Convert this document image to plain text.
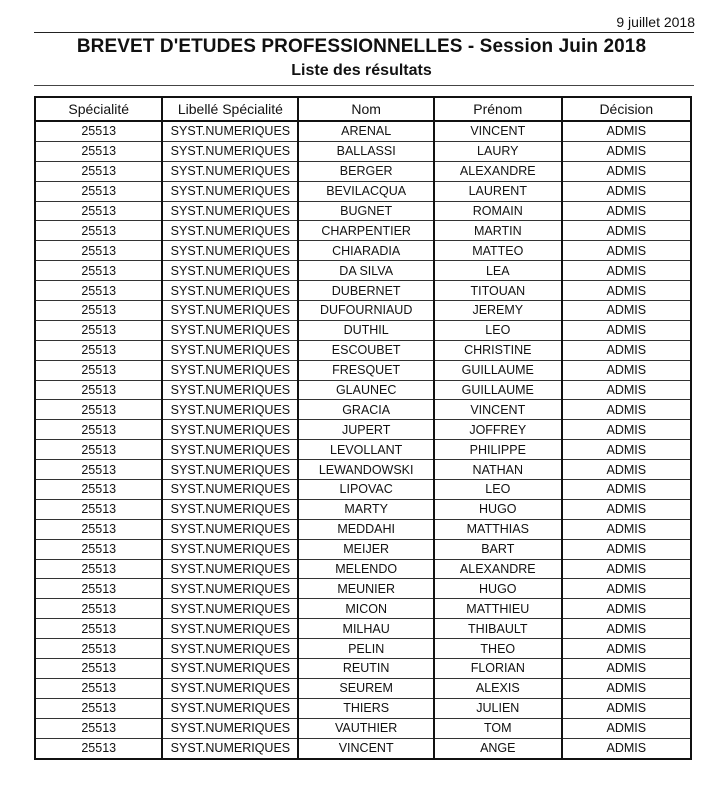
9 juillet 2018
BREVET D'ETUDES PROFESSIONNELLES - Session Juin 2018
Liste des résultats
Spécialité	Libellé Spécialité	Nom	Prénom	Décision
25513	SYST.NUMERIQUES	ARENAL	VINCENT	ADMIS
25513	SYST.NUMERIQUES	BALLASSI	LAURY	ADMIS
25513	SYST.NUMERIQUES	BERGER	ALEXANDRE	ADMIS
25513	SYST.NUMERIQUES	BEVILACQUA	LAURENT	ADMIS
25513	SYST.NUMERIQUES	BUGNET	ROMAIN	ADMIS
25513	SYST.NUMERIQUES	CHARPENTIER	MARTIN	ADMIS
25513	SYST.NUMERIQUES	CHIARADIA	MATTEO	ADMIS
25513	SYST.NUMERIQUES	DA SILVA	LEA	ADMIS
25513	SYST.NUMERIQUES	DUBERNET	TITOUAN	ADMIS
25513	SYST.NUMERIQUES	DUFOURNIAUD	JEREMY	ADMIS
25513	SYST.NUMERIQUES	DUTHIL	LEO	ADMIS
25513	SYST.NUMERIQUES	ESCOUBET	CHRISTINE	ADMIS
25513	SYST.NUMERIQUES	FRESQUET	GUILLAUME	ADMIS
25513	SYST.NUMERIQUES	GLAUNEC	GUILLAUME	ADMIS
25513	SYST.NUMERIQUES	GRACIA	VINCENT	ADMIS
25513	SYST.NUMERIQUES	JUPERT	JOFFREY	ADMIS
25513	SYST.NUMERIQUES	LEVOLLANT	PHILIPPE	ADMIS
25513	SYST.NUMERIQUES	LEWANDOWSKI	NATHAN	ADMIS
25513	SYST.NUMERIQUES	LIPOVAC	LEO	ADMIS
25513	SYST.NUMERIQUES	MARTY	HUGO	ADMIS
25513	SYST.NUMERIQUES	MEDDAHI	MATTHIAS	ADMIS
25513	SYST.NUMERIQUES	MEIJER	BART	ADMIS
25513	SYST.NUMERIQUES	MELENDO	ALEXANDRE	ADMIS
25513	SYST.NUMERIQUES	MEUNIER	HUGO	ADMIS
25513	SYST.NUMERIQUES	MICON	MATTHIEU	ADMIS
25513	SYST.NUMERIQUES	MILHAU	THIBAULT	ADMIS
25513	SYST.NUMERIQUES	PELIN	THEO	ADMIS
25513	SYST.NUMERIQUES	REUTIN	FLORIAN	ADMIS
25513	SYST.NUMERIQUES	SEUREM	ALEXIS	ADMIS
25513	SYST.NUMERIQUES	THIERS	JULIEN	ADMIS
25513	SYST.NUMERIQUES	VAUTHIER	TOM	ADMIS
25513	SYST.NUMERIQUES	VINCENT	ANGE	ADMIS
